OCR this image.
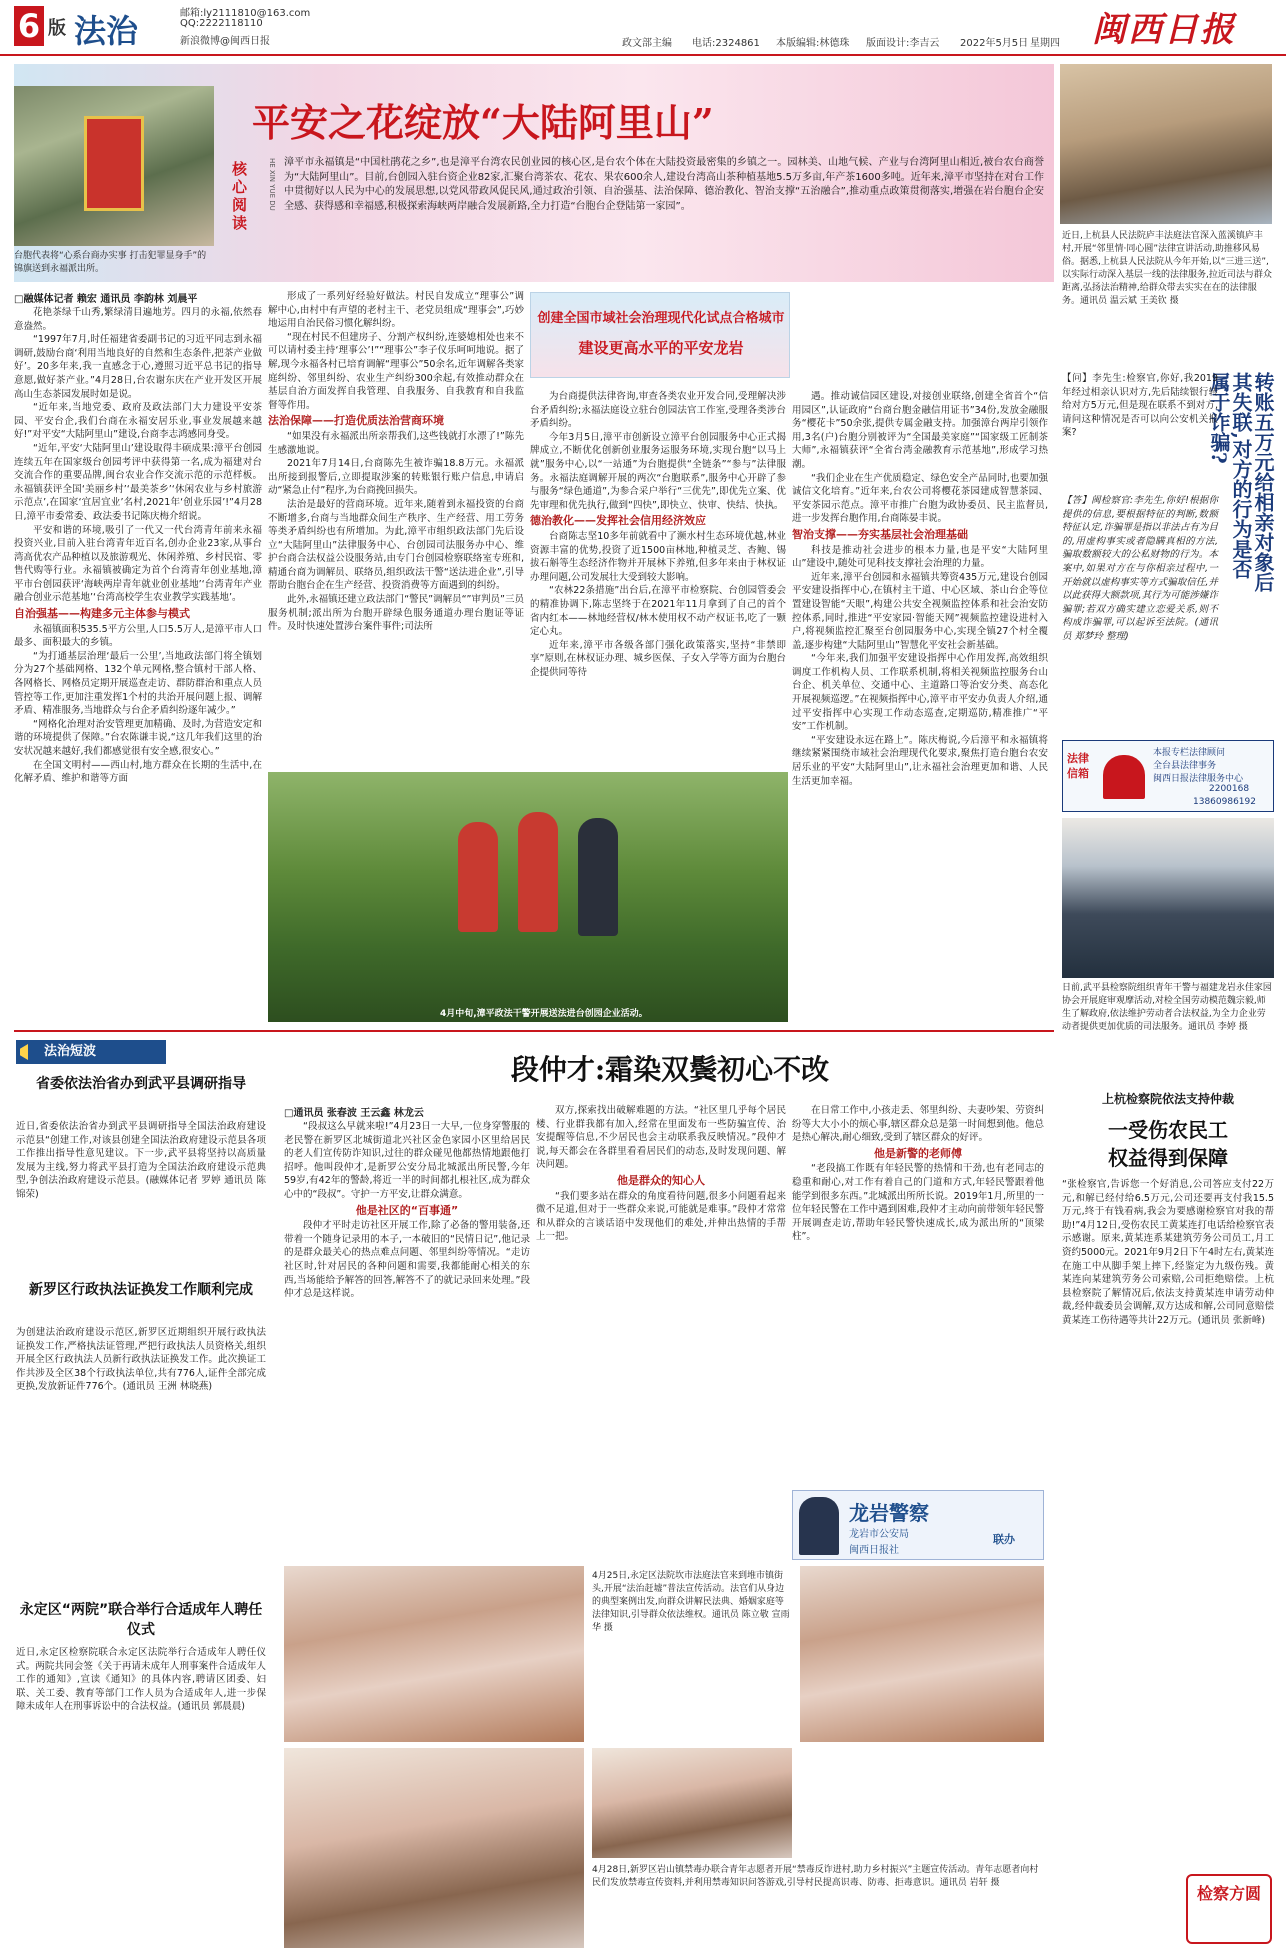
6 版 法治	邮箱:ly2111810@163.com
QQ:2222118110
新浪微博@闽西日报	政文部主编 电话:2324861 本版编辑:林德珠 版面设计:李吉云 2022年5月5日 星期四 闽西日报
台胞代表将“心系台商办实事 打击犯罪显身手”的锦旗送到永福派出所。
平安之花绽放“大陆阿里山”
核心阅读
HE XIN YUE DU 漳平市永福镇是“中国杜鹃花之乡”,也是漳平台湾农民创业园的核心区,是台农个体在大陆投资最密集的乡镇之一。园林美、山地气候、产业与台湾阿里山相近,被台农台商誉为“大陆阿里山”。目前,台创园入驻台资企业82家,汇聚台湾茶农、花农、果农600余人,建设台湾高山茶种植基地5.5万多亩,年产茶1600多吨。近年来,漳平市坚持在对台工作中贯彻好以人民为中心的发展思想,以党风带政风促民风,通过政治引领、自治强基、法治保障、德治教化、智治支撑“五治融合”,推动重点政策贯彻落实,增强在岩台胞台企安全感、获得感和幸福感,积极探索海峡两岸融合发展新路,全力打造“台胞台企登陆第一家园”。
□融媒体记者 赖宏 通讯员 李韵林 刘晨平

花艳茶绿千山秀,繁绿清目遍地芳。四月的永福,依然春意盎然。

“1997年7月,时任福建省委副书记的习近平同志到永福调研,鼓励台商‘利用当地良好的自然和生态条件,把茶产业做好’。20多年来,我一直感念于心,遵照习近平总书记的指导意愿,做好茶产业。”4月28日,台农谢东庆在产业开发区开展高山生态茶园发展时如是说。

“近年来,当地党委、政府及政法部门大力建设平安茶园、平安台企,我们台商在永福安居乐业,事业发展越来越好!”对平安“大陆阿里山”建设,台商李志鸿感同身受。

“近年,平安‘大陆阿里山’建设取得丰硕成果:漳平台创园连续五年在国家级台创园考评中获得第一名,成为福建对台交流合作的重要品牌,闽台农业合作交流示范的示范样板。永福镇获评全国‘美丽乡村’‘最美茶乡’‘休闲农业与乡村旅游示范点’,在国家‘宜居宜业’名村,2021年‘创业乐园’!”4月28日,漳平市委常委、政法委书记陈庆梅介绍说。

平安和谐的环境,吸引了一代又一代台湾青年前来永福投资兴业,目前入驻台湾青年近百名,创办企业23家,从事台湾高优农产品种植以及旅游观光、休闲养殖、乡村民宿、零售代购等行业。永福镇被确定为首个台湾青年创业基地,漳平市台创园获评‘海峡两岸青年就业创业基地’‘台湾青年产业融合创业示范基地’‘台湾高校学生农业教学实践基地’。

自治强基——构建多元主体参与模式

永福镇面积535.5平方公里,人口5.5万人,是漳平市人口最多、面积最大的乡镇。

“为打通基层治理‘最后一公里’,当地政法部门将全镇划分为27个基础网格、132个单元网格,整合镇村干部人格、各网格长、网格员定期开展巡查走访、群防群治和重点人员管控等工作,更加注重发挥1个村的共治开展问题上报、调解矛盾、精准服务,当地群众与台企矛盾纠纷逐年减少。”

“网格化治理对治安管理更加精确、及时,为营造安定和谐的环境提供了保障。”台农陈谦丰说,“这几年我们这里的治安状况越来越好,我们都感觉很有安全感,很安心。”

在全国文明村——西山村,地方群众在长期的生活中,在化解矛盾、维护和谐等方面

形成了一系列好经验好做法。村民自发成立“理事公”调解中心,由村中有声望的老村主干、老党员组成“理事会”,巧妙地运用自治民俗习惯化解纠纷。

“现在村民不但建房子、分割产权纠纷,连婆媳相处也来不可以请村委主持‘理事公’!”“理事公”李子仪乐呵呵地说。据了解,现今永福各村已培育调解“理事公”50余名,近年调解各类家庭纠纷、邻里纠纷、农业生产纠纷300余起,有效推动群众在基层自治方面发挥自我管理、自我服务、自我教育和自我监督等作用。

法治保障——打造优质法治营商环境

“如果没有永福派出所亲帮我们,这些钱就打水漂了!”陈先生感激地说。

2021年7月14日,台商陈先生被诈骗18.8万元。永福派出所接到报警后,立即提取涉案的转账银行账户信息,申请启动“紧急止付”程序,为台商挽回损失。

法治是最好的营商环境。近年来,随着到永福投资的台商不断增多,台商与当地群众间生产秩序、生产经营、用工劳务等类矛盾纠纷也有所增加。为此,漳平市组织政法部门先后设立“大陆阿里山”法律服务中心、台创园司法服务办中心、维护台商合法权益公设服务站,由专门台创园检察联络室专班和,精通台商为调解员、联络员,组织政法干警“送法进企业”,引导帮助台胞台企在生产经营、投资消费等方面遇到的纠纷。

此外,永福镇还建立政法部门“警民”调解员“”审判员”三员服务机制;派出所为台胞开辟绿色服务通道办理台胞证等证件。及时快速处置涉台案件事件;司法所

创建全国市域社会治理现代化试点合格城市
建设更高水平的平安龙岩

为台商提供法律咨询,审查各类农业开发合同,受理解决涉台矛盾纠纷;永福法庭设立驻台创园法官工作室,受理各类涉台矛盾纠纷。

今年3月5日,漳平市创新设立漳平台创园服务中心正式揭牌成立,不断优化创新创业服务运服务环境,实现台胞“以马上就”服务中心,以“一站通”为台胞提供“全链条”“参与”法律服务。永福法庭调解开展的两次“台胞联系”,服务中心开辟了参与服务“绿色通道”,为参合采户举行“三优先”,即优先立案、优先审理和优先执行,做到“四快”,即快立、快审、快结、快执。

德治教化——发挥社会信用经济效应

台商陈志坚10多年前就看中了濒水村生态环境优越,林业资源丰富的优势,投资了近1500亩林地,种植灵芝、杏鲍、锡拔石斛等生态经济作物并开展林下养殖,但多年来由于林权证办理问题,公司发展壮大受到较大影响。

“农林22条措施”出台后,在漳平市检察院、台创园管委会的精准协调下,陈志坚终于在2021年11月拿到了自己的首个省内红本——林地经营权/林木使用权不动产权证书,吃了一颗定心丸。

近年来,漳平市各级各部门强化政策落实,坚持“非禁即享”原则,在林权证办理、城乡医保、子女入学等方面为台胞台企提供同等待

遇。推动诚信园区建设,对接创业联络,创建全省首个“信用园区”,认证政府“台商台胞金融信用证书”34份,发放金融服务“樱花卡”50余张,提供专属金融支持。加强漳台两岸引领作用,3名(户)台胞分别被评为“全国最美家庭”“国家级工匠制茶大师”,永福镇获评“全省台湾金融教育示范基地”,形成学习热潮。

“我们企业在生产优质稳定、绿色安全产品同时,也要加强诚信文化培育。”近年来,台农公司将樱花茶园建成智慧茶园、平安茶园示范点。漳平市推广台胞为政协委员、民主监督员,进一步发挥台胞作用,台商陈晏丰说。

智治支撑——夯实基层社会治理基础

科技是推动社会进步的根本力量,也是平安“大陆阿里山”建设中,随处可见科技支撑社会治理的力量。

近年来,漳平台创园和永福镇共筹资435万元,建设台创园平安建设指挥中心,在镇村主干道、中心区域、茶山台企等位置建设智能“天眼”,构建公共安全视频监控体系和社会治安防控体系,同时,推进“平安家园·智能天网”视频监控建设进村入户,将视频监控汇聚至台创园服务中心,实现全镇27个村全覆盖,逐步构建“大陆阿里山”智慧化平安社会新基础。

“今年来,我们加强平安建设指挥中心作用发挥,高效组织调度工作机构人员、工作联系机制,将相关视频监控服务台山台企、机关单位、交通中心、主道路口等治安分类、高态化开展视频巡逻。”在视频指挥中心,漳平市平安办负责人介绍,通过平安指挥中心实现工作动态巡查,定期巡防,精准推广“平安”工作机制。

“平安建设永远在路上”。陈庆梅说,今后漳平和永福镇将继续紧紧围绕市域社会治理现代化要求,聚焦打造台胞台农安居乐业的平安“大陆阿里山”,让永福社会治理更加和谐、人民生活更加幸福。

4月中旬,漳平政法干警开展送法进台创园企业活动。
近日,上杭县人民法院庐丰法庭法官深入蓝溪镇庐丰村,开展“邻里情·同心圆”法律宣讲活动,助推移风易俗。据悉,上杭县人民法院从今年开始,以“三进三送”,以实际行动深入基层一线的法律服务,拉近司法与群众距离,弘扬法治精神,给群众带去实实在在的法律服务。通讯员 温云斌 王美钦 摄
转账五万元给相亲对象后其失联,对方的行为是否属于诈骗?
【问】李先生:检察官,你好,我2019年经过相亲认识对方,先后陆续银行转给对方5万元,但是现在联系不到对方,请问这种情况是否可以向公安机关报案?
【答】闽检察官:李先生,你好!根据你提供的信息,要根据特征的判断,数额特征认定,诈骗罪是指以非法占有为目的,用虚构事实或者隐瞒真相的方法,骗取数额较大的公私财物的行为。本案中,如果对方在与你相亲过程中,一开始就以虚构事实等方式骗取信任,并以此获得大额款项,其行为可能涉嫌诈骗罪;若双方确实建立恋爱关系,则不构成诈骗罪,可以起诉至法院。(通讯员 郑梦玲 整理)
法律信箱
本报专栏法律顾问
全台县法律事务
闽西日报法律服务中心
2200168
13860986192
日前,武平县检察院组织青年干警与福建龙岩永佳家园协会开展庭审观摩活动,对检全国劳动模范魏宗毅,师生了解政府,依法维护劳动者合法权益,为全力企业劳动者提供更加优质的司法服务。通讯员 李婷 摄
法治短波
省委依法治省办到武平县调研指导
近日,省委依法治省办到武平县调研指导全国法治政府建设示范县“创建工作,对该县创建全国法治政府建设示范县各项工作推出指导性意见建议。下一步,武平县将坚持以高质量发展为主线,努力将武平县打造为全国法治政府建设示范典型,争创法治政府建设示范县。(融媒体记者 罗婷 通讯员 陈锦荣)
新罗区行政执法证换发工作顺利完成
为创建法治政府建设示范区,新罗区近期组织开展行政执法证换发工作,严格执法证管理,严把行政执法人员资格关,组织开展全区行政执法人员新行政执法证换发工作。此次换证工作共涉及全区38个行政执法单位,共有776人,证件全部完成更换,发放新证件776个。(通讯员 王洲 林晓燕)
永定区“两院”联合举行合适成年人聘任仪式
近日,永定区检察院联合永定区法院举行合适成年人聘任仪式。两院共同会签《关于再请未成年人刑事案件合适成年人工作的通知》,宣读《通知》的具体内容,聘请区团委、妇联、关工委、教育等部门工作人员为合适成年人,进一步保障未成年人在刑事诉讼中的合法权益。(通讯员 郭晨晨)
段仲才:霜染双鬓初心不改
□通讯员 张春波 王云鑫 林龙云

“段叔这么早就来啦!”4月23日一大早,一位身穿警服的老民警在新罗区北城街道北兴社区金色家园小区里给居民的老人们宣传防诈知识,过往的群众碰见他都热情地跟他打招呼。他叫段仲才,是新罗公安分局北城派出所民警,今年59岁,有42年的警龄,将近一半的时间都扎根社区,成为群众心中的“段叔”。守护一方平安,让群众满意。

他是社区的“百事通”

段仲才平时走访社区开展工作,除了必备的警用装备,还带着一个随身记录用的本子,一本破旧的“民情日记”,他记录的是群众最关心的热点难点问题、邻里纠纷等情况。“走访社区时,针对居民的各种问题和需要,我都能耐心相关的东西,当场能给予解答的回答,解答不了的就记录回来处理。”段仲才总是这样说。

双方,探索找出破解难题的方法。“社区里几乎每个居民楼、行业群我都有加入,经常在里面发布一些防骗宣传、治安提醒等信息,不少居民也会主动联系我反映情况。”段仲才说,每天都会在各群里看看居民们的动态,及时发现问题、解决问题。

他是群众的知心人

“我们要多站在群众的角度看待问题,很多小问题看起来微不足道,但对于一些群众来说,可能就是难事。”段仲才常常和从群众的言谈话语中发现他们的难处,并伸出热情的手帮上一把。

在日常工作中,小孩走丢、邻里纠纷、夫妻吵架、劳资纠纷等大大小小的烦心事,辖区群众总是第一时间想到他。他总是热心解决,耐心细致,受到了辖区群众的好评。

他是新警的老师傅

“老段搞工作既有年轻民警的热情和干劲,也有老同志的稳重和耐心,对工作有着自己的门道和方式,年轻民警跟着他能学到很多东西。”北城派出所所长说。2019年1月,所里的一位年轻民警在工作中遇到困难,段仲才主动向前带领年轻民警开展调查走访,帮助年轻民警快速成长,成为派出所的“顶梁柱”。

龙岩警察
龙岩市公安局
闽西日报社
联办
4月25日,永定区法院坎市法庭法官来到堆市镇街头,开展“法治赶墟”普法宣传活动。法官们从身边的典型案例出发,向群众讲解民法典、婚姻家庭等法律知识,引导群众依法维权。通讯员 陈立敬 宣雨华 摄
4月28日,新罗区岩山镇禁毒办联合青年志愿者开展“禁毒反诈进村,助力乡村振兴”主题宣传活动。青年志愿者向村民们发放禁毒宣传资料,并利用禁毒知识问答游戏,引导村民提高识毒、防毒、拒毒意识。通讯员 岩轩 摄
上杭检察院依法支持仲裁
一受伤农民工
权益得到保障
“张检察官,告诉您一个好消息,公司答应支付22万元,和解已经付给6.5万元,公司还要再支付我15.5万元,终于有钱看病,我会为要感谢检察官对我的帮助!”4月12日,受伤农民工黄某连打电话给检察官表示感谢。原来,黄某连系某建筑劳务公司员工,月工资约5000元。2021年9月2日下午4时左右,黄某连在施工中从脚手架上摔下,经鉴定为九级伤残。黄某连向某建筑劳务公司索赔,公司拒绝赔偿。上杭县检察院了解情况后,依法支持黄某连申请劳动仲裁,经仲裁委员会调解,双方达成和解,公司同意赔偿黄某连工伤待遇等共计22万元。(通讯员 张新峰)
检察方圆
